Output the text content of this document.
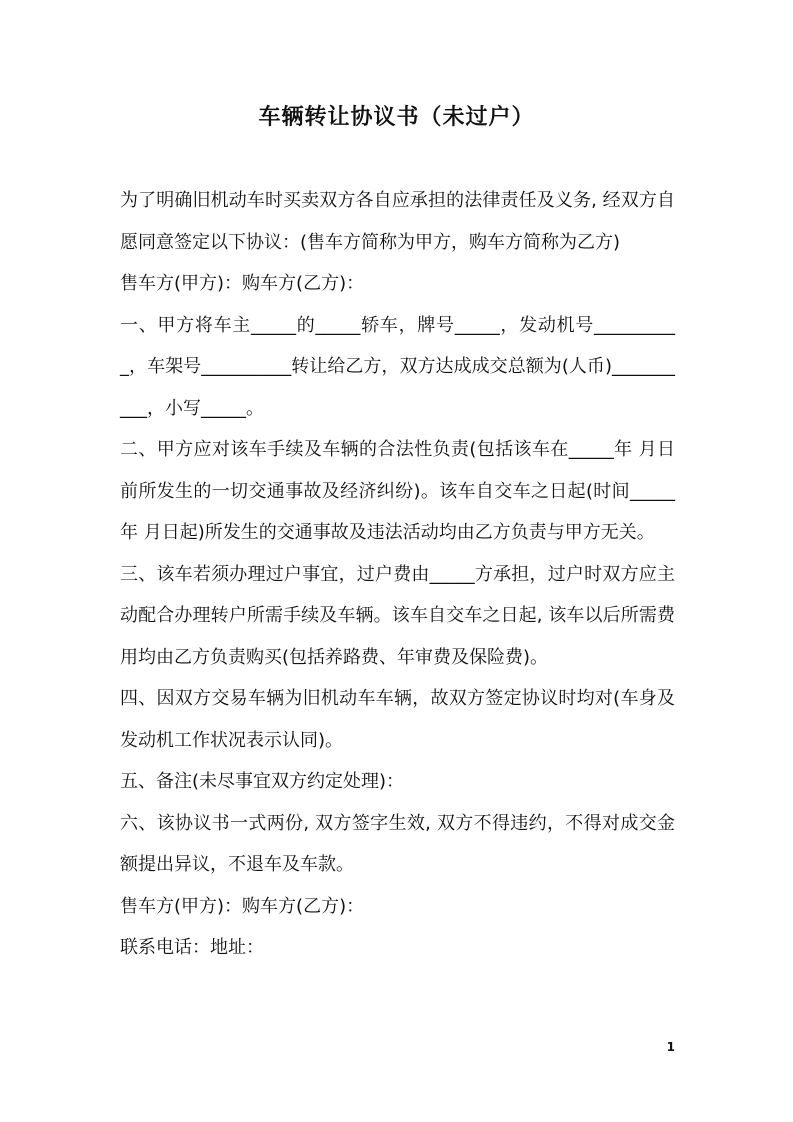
车辆转让协议书（未过户）

为了明确旧机动车时买卖双方各自应承担的法律责任及义务, 经双方自愿同意签定以下协议：(售车方简称为甲方，购车方简称为乙方)

售车方(甲方)：购车方(乙方)：

一、甲方将车主_____的_____轿车，牌号_____，发动机号__________，车架号__________转让给乙方，双方达成成交总额为(人币)__________，小写_____。

二、甲方应对该车手续及车辆的合法性负责(包括该车在_____年 月日前所发生的一切交通事故及经济纠纷)。该车自交车之日起(时间_____年 月日起)所发生的交通事故及违法活动均由乙方负责与甲方无关。

三、该车若须办理过户事宜，过户费由_____方承担，过户时双方应主动配合办理转户所需手续及车辆。该车自交车之日起, 该车以后所需费用均由乙方负责购买(包括养路费、年审费及保险费)。

四、因双方交易车辆为旧机动车车辆，故双方签定协议时均对(车身及发动机工作状况表示认同)。

五、备注(未尽事宜双方约定处理)：

六、该协议书一式两份, 双方签字生效, 双方不得违约，不得对成交金额提出异议，不退车及车款。

售车方(甲方)：购车方(乙方)：

联系电话：地址：

1
